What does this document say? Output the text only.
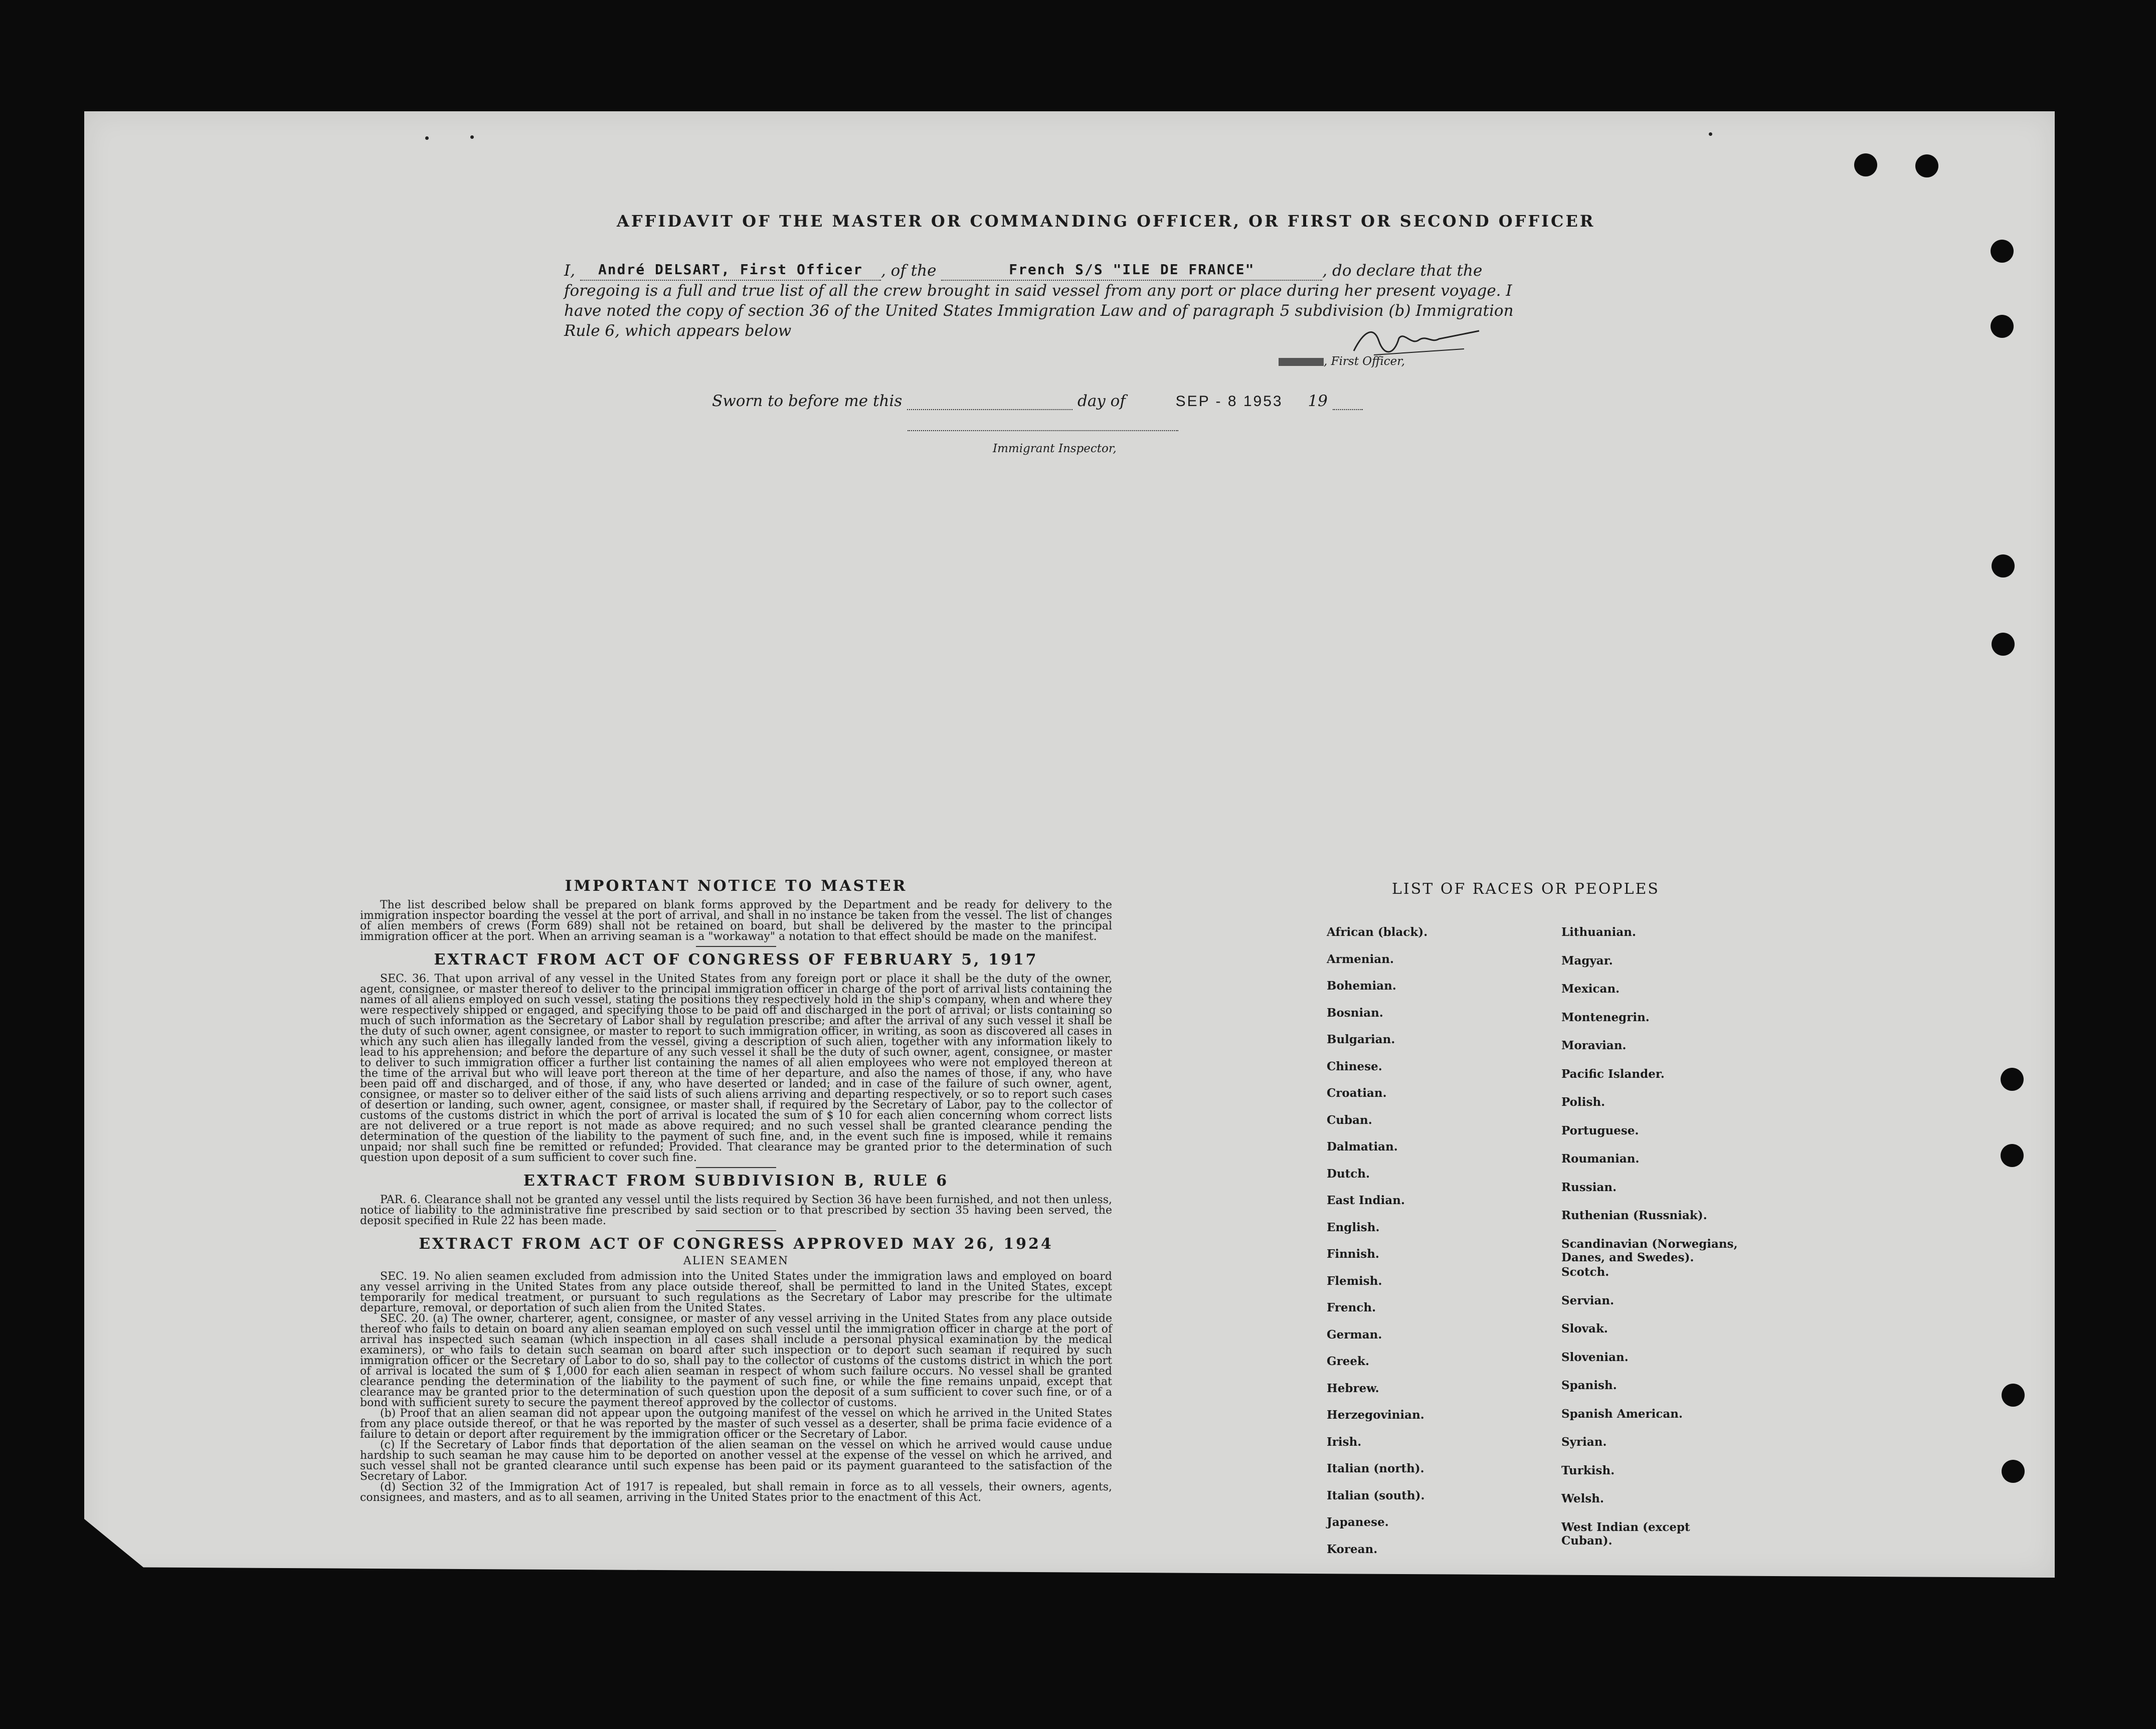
AFFIDAVIT OF THE MASTER OR COMMANDING OFFICER, OR FIRST OR SECOND OFFICER
I, André DELSART, First Officer , of the	French S/S "ILE DE FRANCE"	, do declare that the foregoing is a full and true list of all the crew brought in said vessel from any port or place during her present voyage. I have noted the copy of section 36 of the United States Immigration Law and of paragraph 5 subdivision (b) Immigration Rule 6, which appears below
, First Officer,
Sworn to before me this	day of	SEP - 8 1953 19
Immigrant Inspector,
IMPORTANT NOTICE TO MASTER

The list described below shall be prepared on blank forms approved by the Department and be ready for delivery to the immigration inspector boarding the vessel at the port of arrival, and shall in no instance be taken from the vessel. The list of changes of alien members of crews (Form 689) shall not be retained on board, but shall be delivered by the master to the principal immigration officer at the port. When an arriving seaman is a "workaway" a notation to that effect should be made on the manifest.

EXTRACT FROM ACT OF CONGRESS OF FEBRUARY 5, 1917

SEC. 36. That upon arrival of any vessel in the United States from any foreign port or place it shall be the duty of the owner, agent, consignee, or master thereof to deliver to the principal immigration officer in charge of the port of arrival lists containing the names of all aliens employed on such vessel, stating the positions they respectively hold in the ship's company, when and where they were respectively shipped or engaged, and specifying those to be paid off and discharged in the port of arrival; or lists containing so much of such information as the Secretary of Labor shall by regulation prescribe; and after the arrival of any such vessel it shall be the duty of such owner, agent consignee, or master to report to such immigration officer, in writing, as soon as discovered all cases in which any such alien has illegally landed from the vessel, giving a description of such alien, together with any information likely to lead to his apprehension; and before the departure of any such vessel it shall be the duty of such owner, agent, consignee, or master to deliver to such immigration officer a further list containing the names of all alien employees who were not employed thereon at the time of the arrival but who will leave port thereon at the time of her departure, and also the names of those, if any, who have been paid off and discharged, and of those, if any, who have deserted or landed; and in case of the failure of such owner, agent, consignee, or master so to deliver either of the said lists of such aliens arriving and departing respectively, or so to report such cases of desertion or landing, such owner, agent, consignee, or master shall, if required by the Secretary of Labor, pay to the collector of customs of the customs district in which the port of arrival is located the sum of $ 10 for each alien concerning whom correct lists are not delivered or a true report is not made as above required; and no such vessel shall be granted clearance pending the determination of the question of the liability to the payment of such fine, and, in the event such fine is imposed, while it remains unpaid; nor shall such fine be remitted or refunded; Provided. That clearance may be granted prior to the determination of such question upon deposit of a sum sufficient to cover such fine.

EXTRACT FROM SUBDIVISION B, RULE 6

PAR. 6. Clearance shall not be granted any vessel until the lists required by Section 36 have been furnished, and not then unless, notice of liability to the administrative fine prescribed by said section or to that prescribed by section 35 having been served, the deposit specified in Rule 22 has been made.

EXTRACT FROM ACT OF CONGRESS APPROVED MAY 26, 1924
ALIEN SEAMEN

SEC. 19. No alien seamen excluded from admission into the United States under the immigration laws and employed on board any vessel arriving in the United States from any place outside thereof, shall be permitted to land in the United States, except temporarily for medical treatment, or pursuant to such regulations as the Secretary of Labor may prescribe for the ultimate departure, removal, or deportation of such alien from the United States.

SEC. 20. (a) The owner, charterer, agent, consignee, or master of any vessel arriving in the United States from any place outside thereof who fails to detain on board any alien seaman employed on such vessel until the immigration officer in charge at the port of arrival has inspected such seaman (which inspection in all cases shall include a personal physical examination by the medical examiners), or who fails to detain such seaman on board after such inspection or to deport such seaman if required by such immigration officer or the Secretary of Labor to do so, shall pay to the collector of customs of the customs district in which the port of arrival is located the sum of $ 1,000 for each alien seaman in respect of whom such failure occurs. No vessel shall be granted clearance pending the determination of the liability to the payment of such fine, or while the fine remains unpaid, except that clearance may be granted prior to the determination of such question upon the deposit of a sum sufficient to cover such fine, or of a bond with sufficient surety to secure the payment thereof approved by the collector of customs.

(b) Proof that an alien seaman did not appear upon the outgoing manifest of the vessel on which he arrived in the United States from any place outside thereof, or that he was reported by the master of such vessel as a deserter, shall be prima facie evidence of a failure to detain or deport after requirement by the immigration officer or the Secretary of Labor.

(c) If the Secretary of Labor finds that deportation of the alien seaman on the vessel on which he arrived would cause undue hardship to such seaman he may cause him to be deported on another vessel at the expense of the vessel on which he arrived, and such vessel shall not be granted clearance until such expense has been paid or its payment guaranteed to the satisfaction of the Secretary of Labor.

(d) Section 32 of the Immigration Act of 1917 is repealed, but shall remain in force as to all vessels, their owners, agents, consignees, and masters, and as to all seamen, arriving in the United States prior to the enactment of this Act.

LIST OF RACES OR PEOPLES
African (black).
Armenian.
Bohemian.
Bosnian.
Bulgarian.
Chinese.
Croatian.
Cuban.
Dalmatian.
Dutch.
East Indian.
English.
Finnish.
Flemish.
French.
German.
Greek.
Hebrew.
Herzegovinian.
Irish.
Italian (north).
Italian (south).
Japanese.
Korean.
Lithuanian.
Magyar.
Mexican.
Montenegrin.
Moravian.
Pacific Islander.
Polish.
Portuguese.
Roumanian.
Russian.
Ruthenian (Russniak).
Scandinavian (Norwegians, Danes, and Swedes).
Scotch.
Servian.
Slovak.
Slovenian.
Spanish.
Spanish American.
Syrian.
Turkish.
Welsh.
West Indian (except Cuban).
